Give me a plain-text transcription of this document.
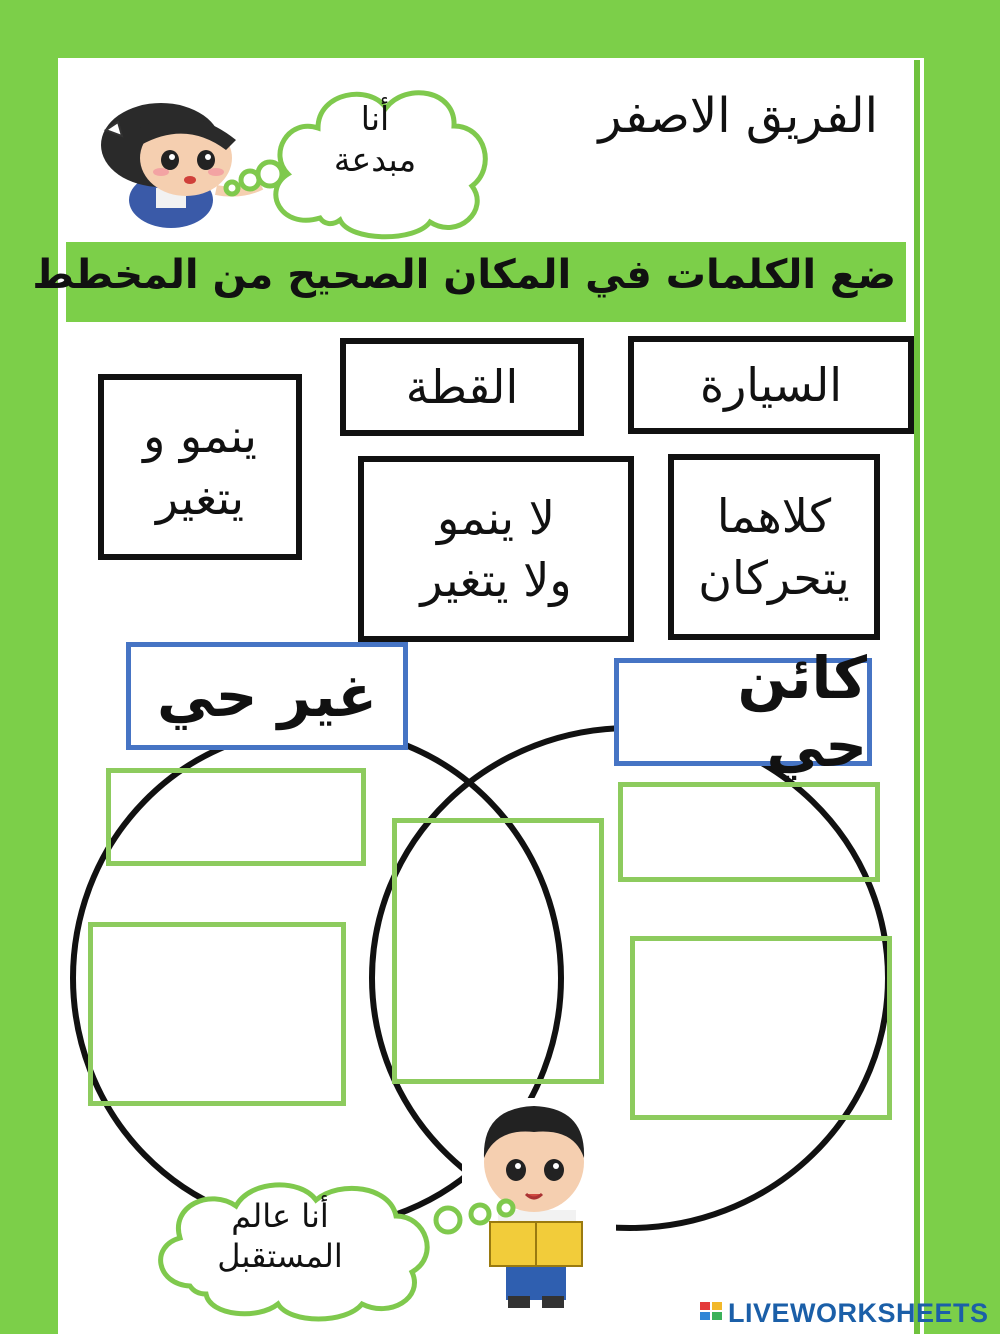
الفريق الاصفر
أنا
مبدعة
ضع الكلمات في المكان الصحيح من المخطط
السيارة
القطة
ينمو و
يتغير	كلاهما
يتحركان
لا ينمو
ولا يتغير
غير حي	كائن حي
أنا عالم
المستقبل
LIVEWORKSHEETS
